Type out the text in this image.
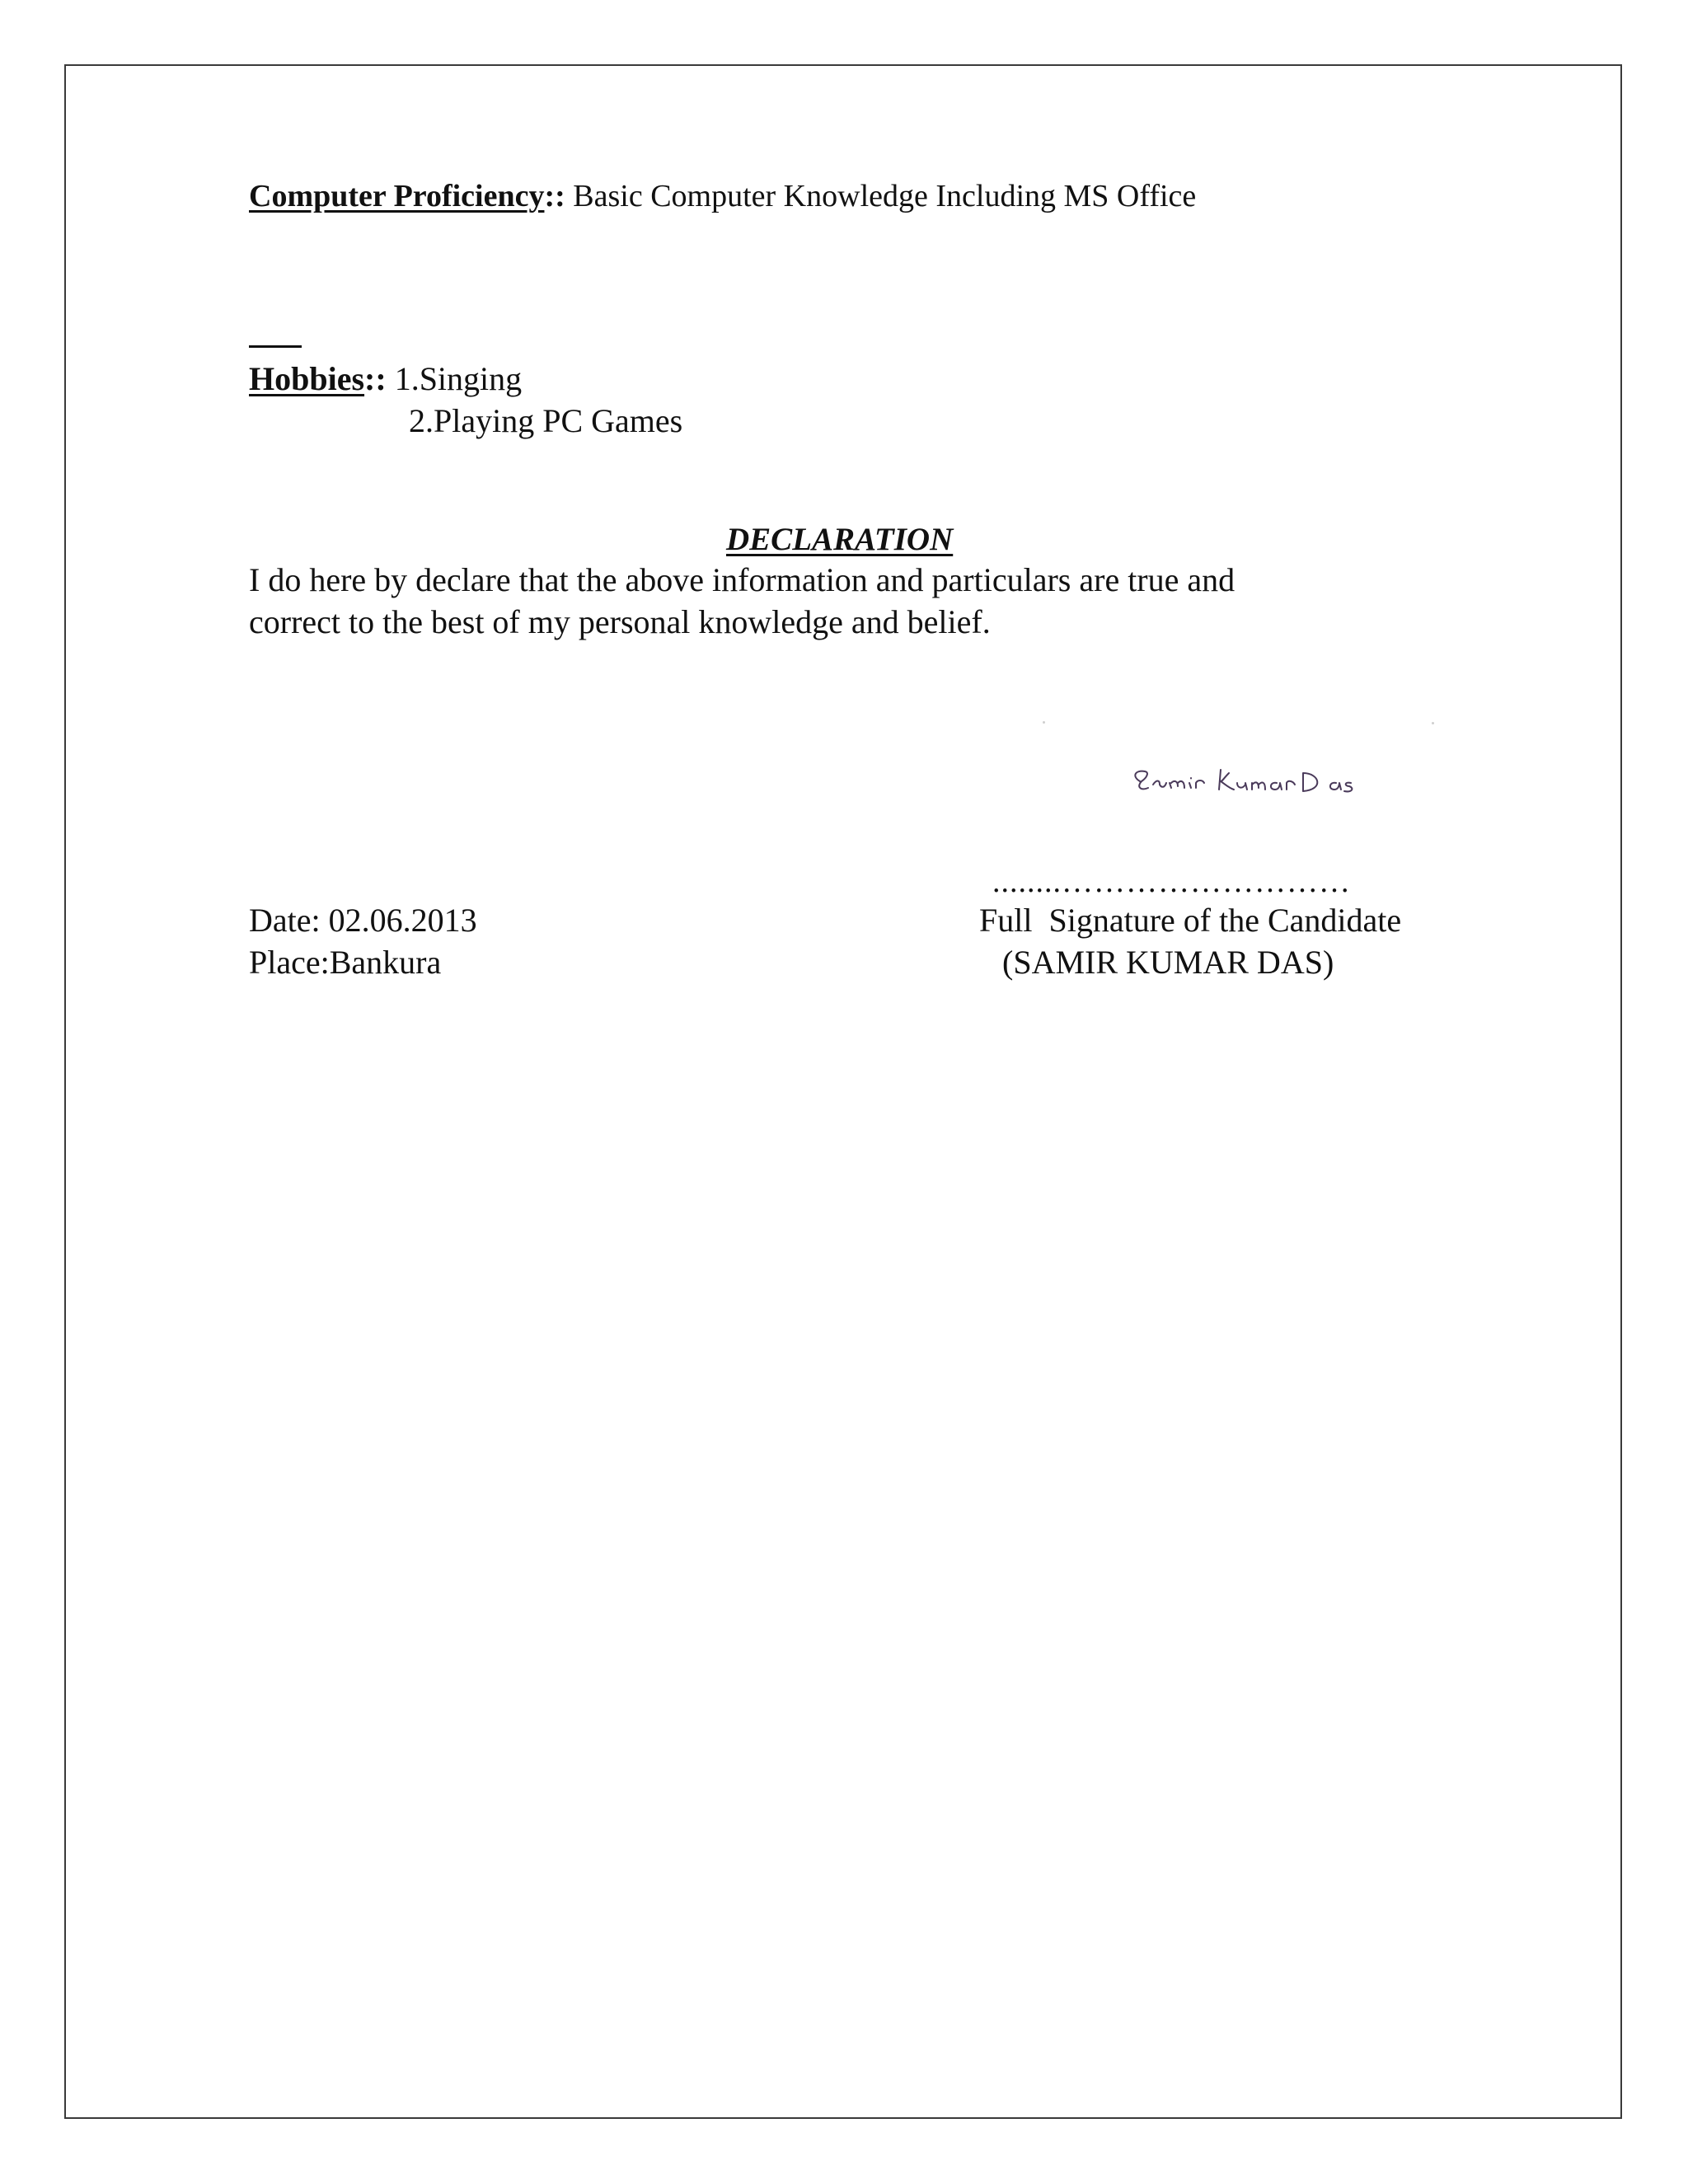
Computer Proficiency:: Basic Computer Knowledge Including MS Office
Hobbies:: 1.Singing
2.Playing PC Games
DECLARATION
I do here by declare that the above information and particulars are true and
correct to the best of my personal knowledge and belief.
........………………………
Date: 02.06.2013
Place:Bankura
Full  Signature of the Candidate
(SAMIR KUMAR DAS)
